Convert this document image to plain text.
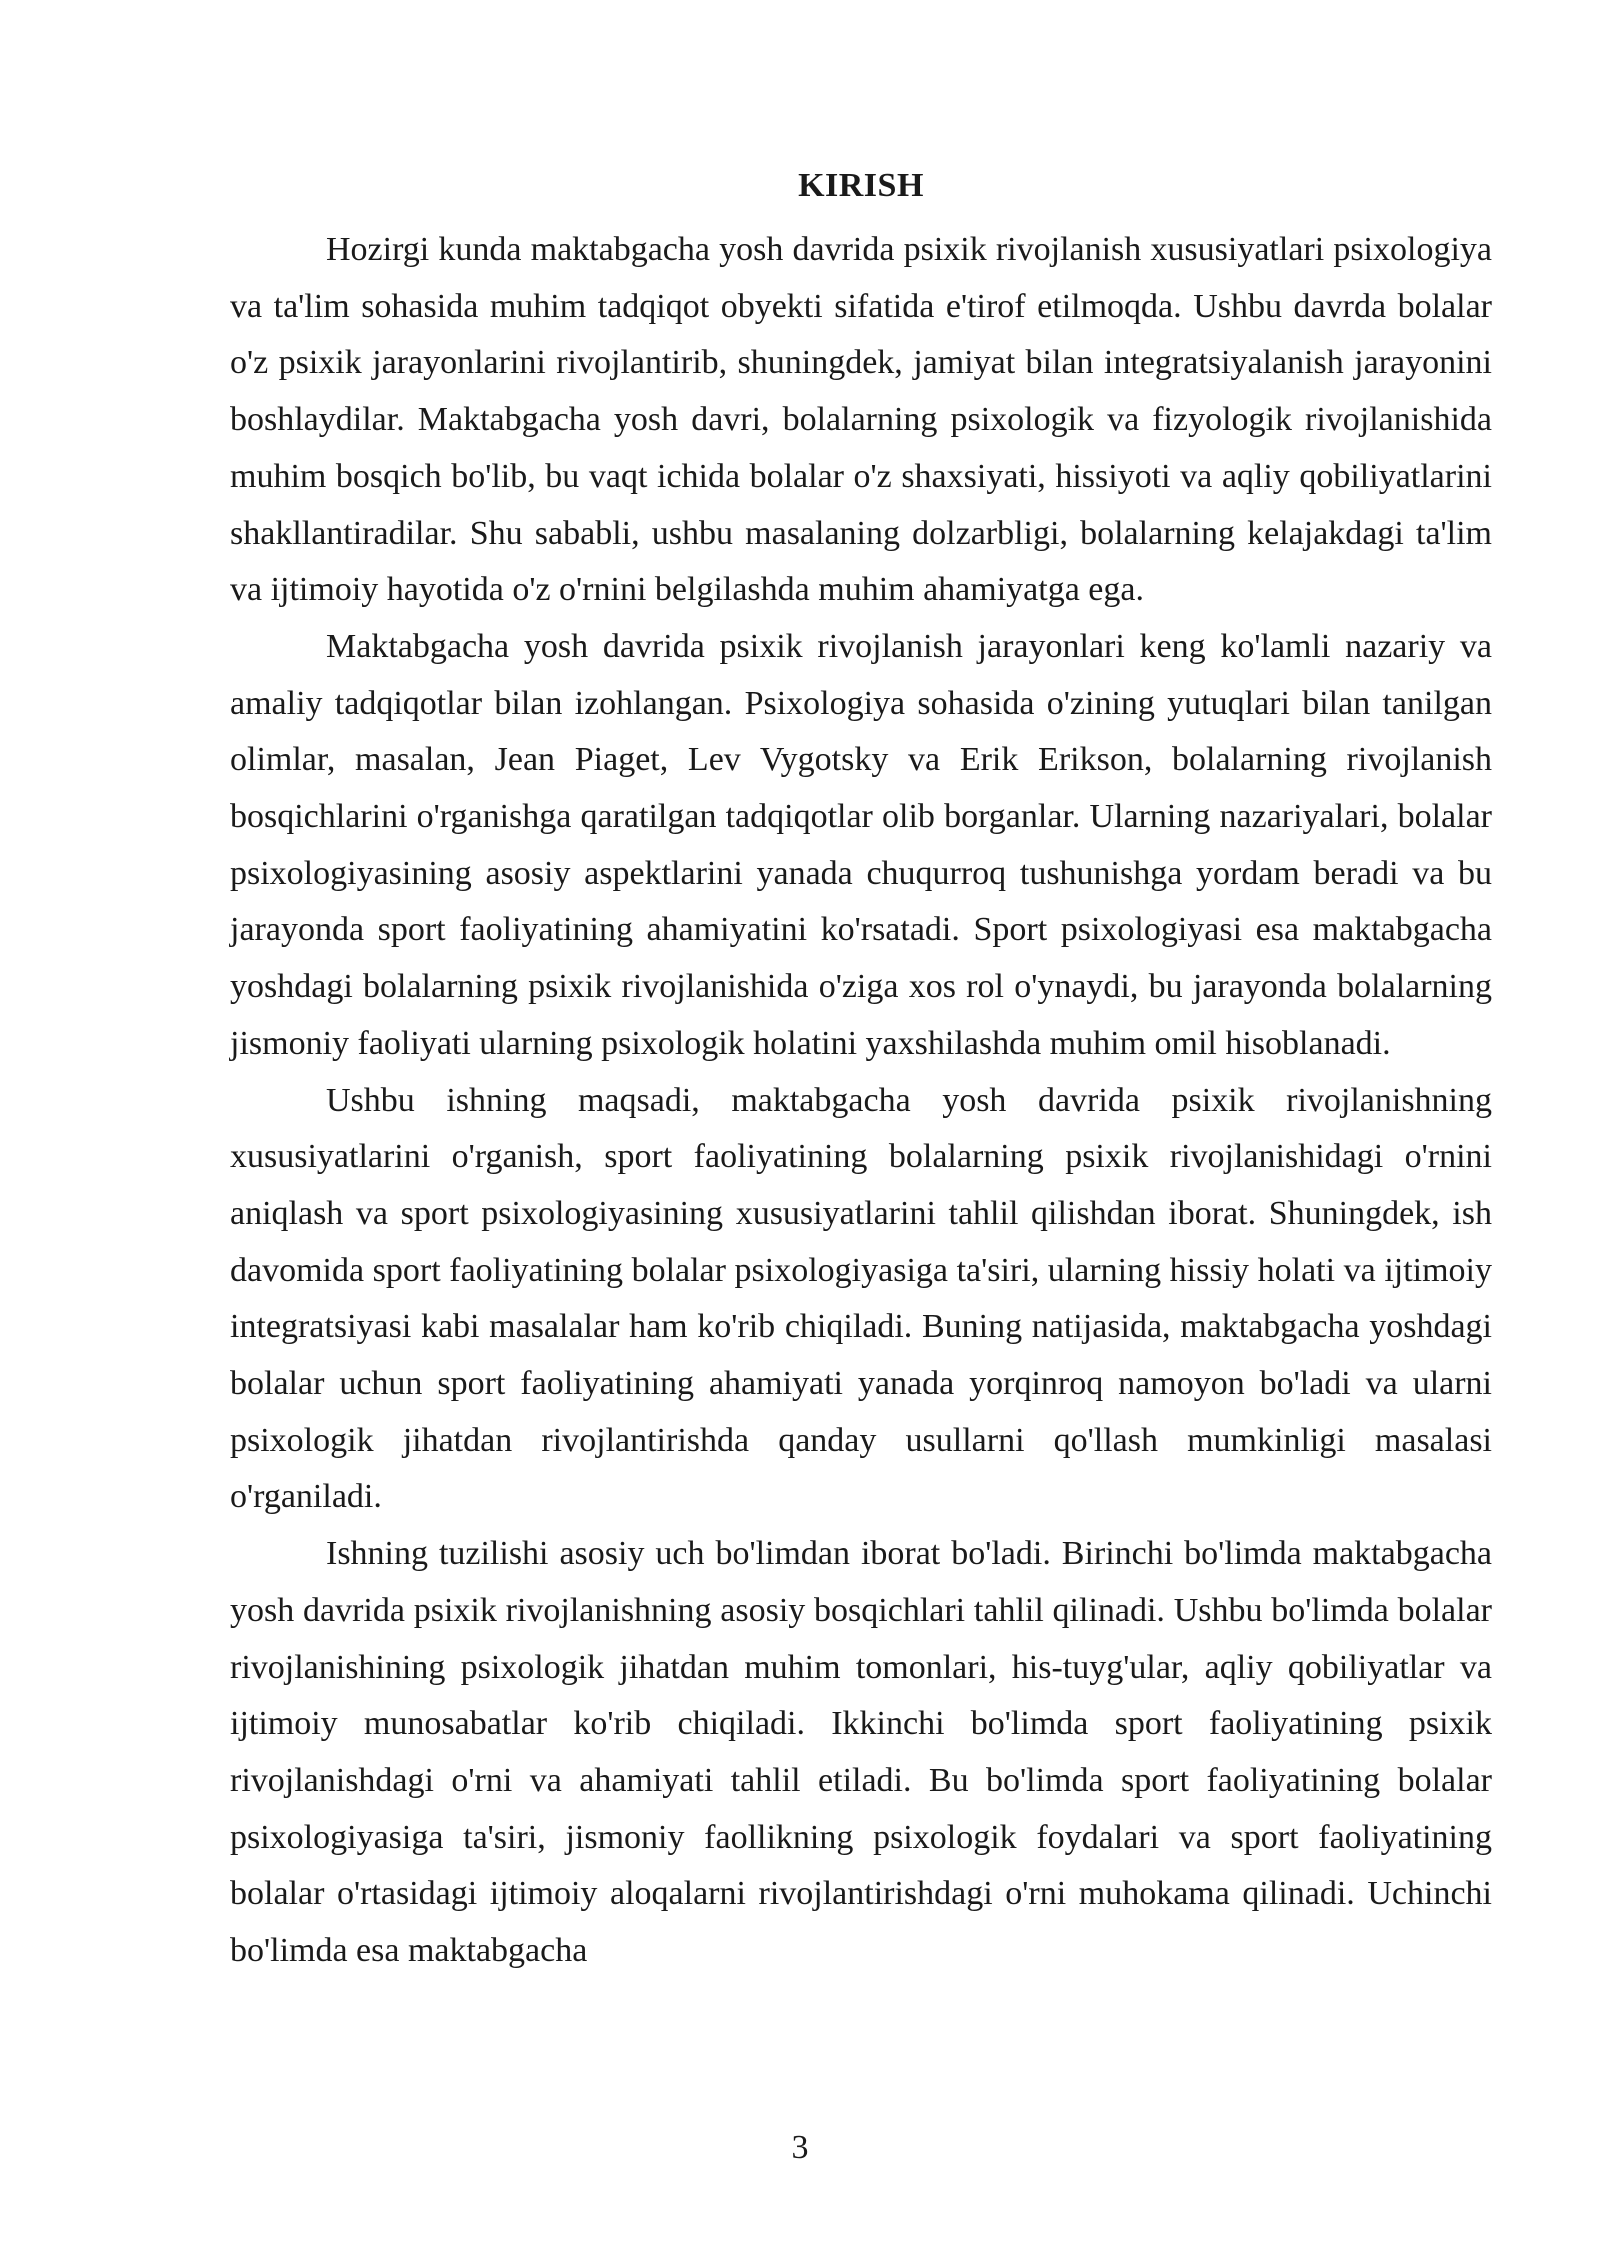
KIRISH

Hozirgi kunda maktabgacha yosh davrida psixik rivojlanish xususiyatlari psixologiya va ta'lim sohasida muhim tadqiqot obyekti sifatida e'tirof etilmoqda. Ushbu davrda bolalar o'z psixik jarayonlarini rivojlantirib, shuningdek, jamiyat bilan integratsiyalanish jarayonini boshlaydilar. Maktabgacha yosh davri, bolalarning psixologik va fizyologik rivojlanishida muhim bosqich bo'lib, bu vaqt ichida bolalar o'z shaxsiyati, hissiyoti va aqliy qobiliyatlarini shakllantiradilar. Shu sababli, ushbu masalaning dolzarbligi, bolalarning kelajakdagi ta'lim va ijtimoiy hayotida o'z o'rnini belgilashda muhim ahamiyatga ega.

Maktabgacha yosh davrida psixik rivojlanish jarayonlari keng ko'lamli nazariy va amaliy tadqiqotlar bilan izohlangan. Psixologiya sohasida o'zining yutuqlari bilan tanilgan olimlar, masalan, Jean Piaget, Lev Vygotsky va Erik Erikson, bolalarning rivojlanish bosqichlarini o'rganishga qaratilgan tadqiqotlar olib borganlar. Ularning nazariyalari, bolalar psixologiyasining asosiy aspektlarini yanada chuqurroq tushunishga yordam beradi va bu jarayonda sport faoliyatining ahamiyatini ko'rsatadi. Sport psixologiyasi esa maktabgacha yoshdagi bolalarning psixik rivojlanishida o'ziga xos rol o'ynaydi, bu jarayonda bolalarning jismoniy faoliyati ularning psixologik holatini yaxshilashda muhim omil hisoblanadi.

Ushbu ishning maqsadi, maktabgacha yosh davrida psixik rivojlanishning xususiyatlarini o'rganish, sport faoliyatining bolalarning psixik rivojlanishidagi o'rnini aniqlash va sport psixologiyasining xususiyatlarini tahlil qilishdan iborat. Shuningdek, ish davomida sport faoliyatining bolalar psixologiyasiga ta'siri, ularning hissiy holati va ijtimoiy integratsiyasi kabi masalalar ham ko'rib chiqiladi. Buning natijasida, maktabgacha yoshdagi bolalar uchun sport faoliyatining ahamiyati yanada yorqinroq namoyon bo'ladi va ularni psixologik jihatdan rivojlantirishda qanday usullarni qo'llash mumkinligi masalasi o'rganiladi.

Ishning tuzilishi asosiy uch bo'limdan iborat bo'ladi. Birinchi bo'limda maktabgacha yosh davrida psixik rivojlanishning asosiy bosqichlari tahlil qilinadi. Ushbu bo'limda bolalar rivojlanishining psixologik jihatdan muhim tomonlari, his-tuyg'ular, aqliy qobiliyatlar va ijtimoiy munosabatlar ko'rib chiqiladi. Ikkinchi bo'limda sport faoliyatining psixik rivojlanishdagi o'rni va ahamiyati tahlil etiladi. Bu bo'limda sport faoliyatining bolalar psixologiyasiga ta'siri, jismoniy faollikning psixologik foydalari va sport faoliyatining bolalar o'rtasidagi ijtimoiy aloqalarni rivojlantirishdagi o'rni muhokama qilinadi. Uchinchi bo'limda esa maktabgacha

3
